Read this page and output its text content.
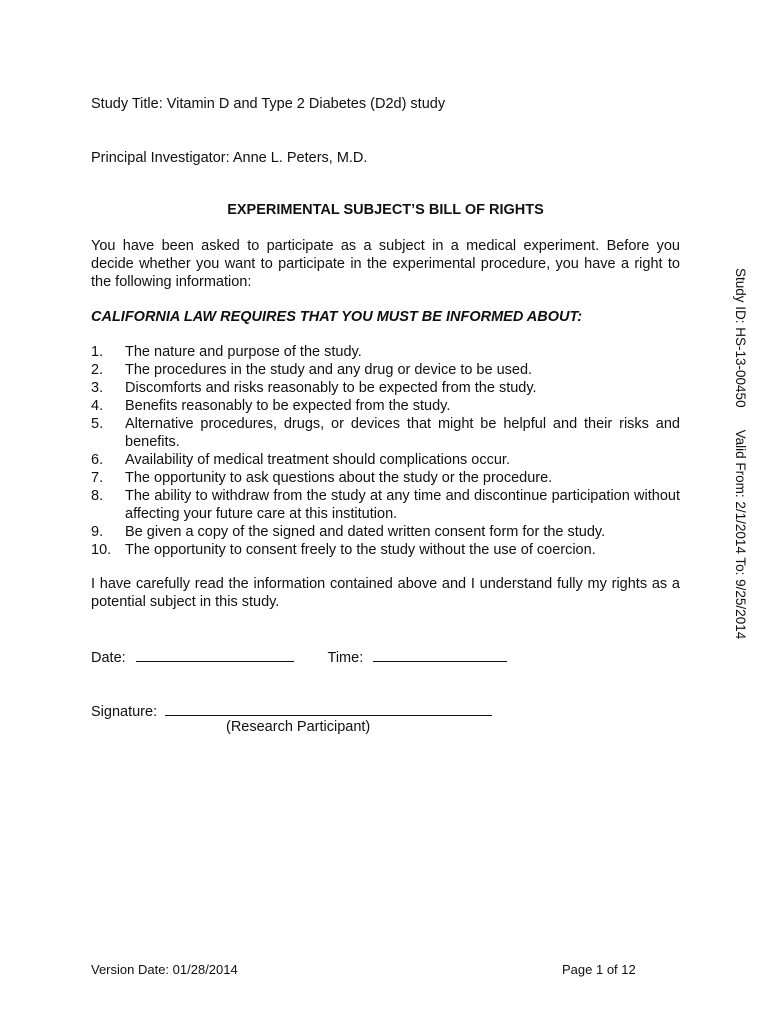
Study Title: Vitamin D and Type 2 Diabetes (D2d) study
Principal Investigator: Anne L. Peters, M.D.
EXPERIMENTAL SUBJECT’S BILL OF RIGHTS
You have been asked to participate as a subject in a medical experiment. Before you decide whether you want to participate in the experimental procedure, you have a right to the following information:
CALIFORNIA LAW REQUIRES THAT YOU MUST BE INFORMED ABOUT:
1. The nature and purpose of the study.
2. The procedures in the study and any drug or device to be used.
3. Discomforts and risks reasonably to be expected from the study.
4. Benefits reasonably to be expected from the study.
5. Alternative procedures, drugs, or devices that might be helpful and their risks and benefits.
6. Availability of medical treatment should complications occur.
7. The opportunity to ask questions about the study or the procedure.
8. The ability to withdraw from the study at any time and discontinue participation without affecting your future care at this institution.
9. Be given a copy of the signed and dated written consent form for the study.
10. The opportunity to consent freely to the study without the use of coercion.
I have carefully read the information contained above and I understand fully my rights as a potential subject in this study.
Date:	Time:
Signature:
(Research Participant)
Version Date: 01/28/2014	Page 1 of 12
Study ID: HS-13-00450Valid From: 2/1/2014 To: 9/25/2014
